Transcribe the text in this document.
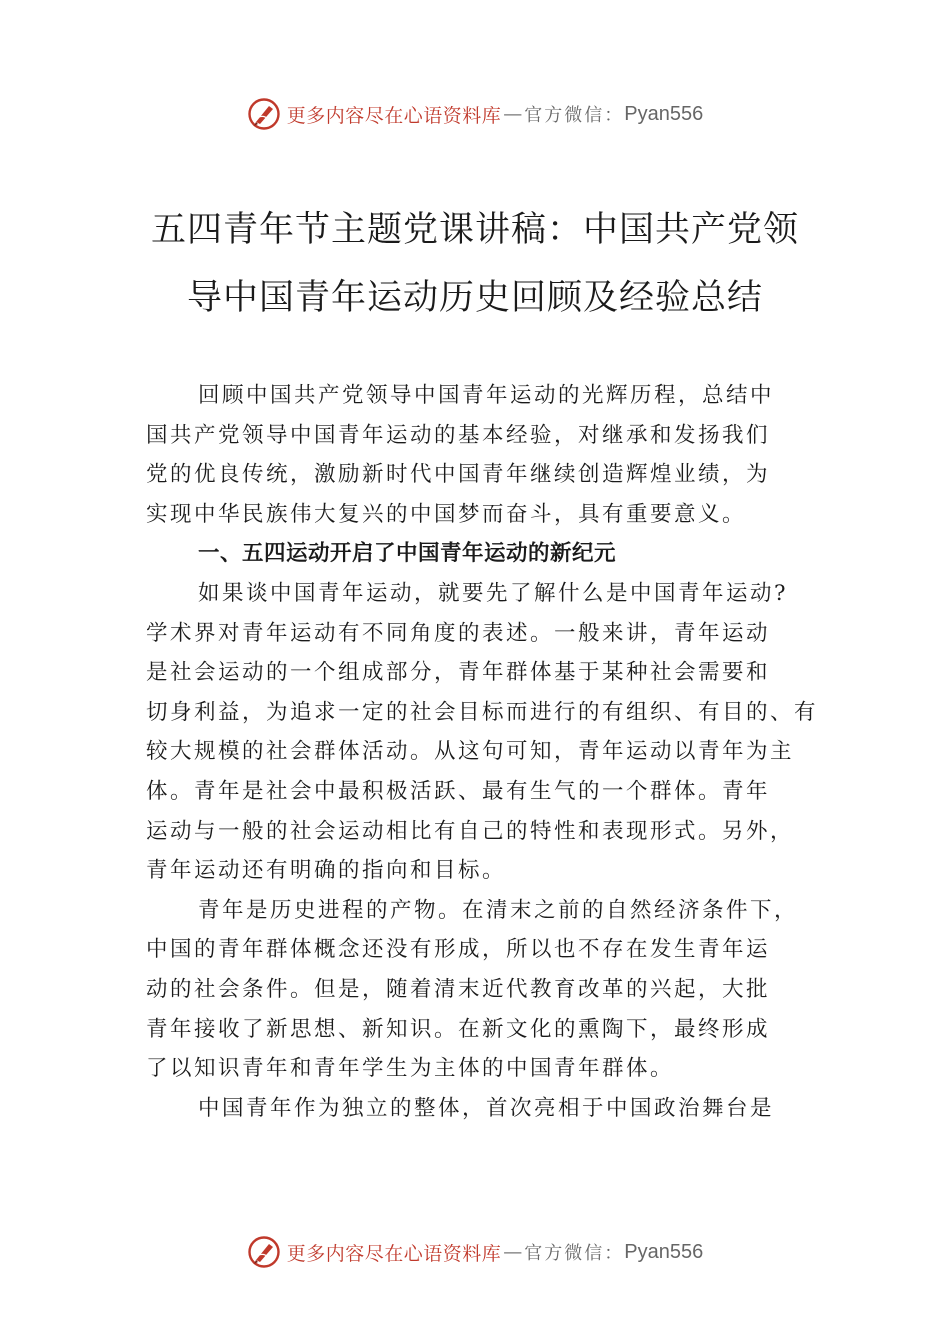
更多内容尽在心语资料库 — 官方微信： Pyan556
五四青年节主题党课讲稿：中国共产党领
导中国青年运动历史回顾及经验总结
回顾中国共产党领导中国青年运动的光辉历程，总结中
国共产党领导中国青年运动的基本经验，对继承和发扬我们
党的优良传统，激励新时代中国青年继续创造辉煌业绩，为
实现中华民族伟大复兴的中国梦而奋斗，具有重要意义。
一、五四运动开启了中国青年运动的新纪元
如果谈中国青年运动，就要先了解什么是中国青年运动?
学术界对青年运动有不同角度的表述。一般来讲，青年运动
是社会运动的一个组成部分，青年群体基于某种社会需要和
切身利益，为追求一定的社会目标而进行的有组织、有目的、有
较大规模的社会群体活动。从这句可知，青年运动以青年为主
体。青年是社会中最积极活跃、最有生气的一个群体。青年
运动与一般的社会运动相比有自己的特性和表现形式。另外，
青年运动还有明确的指向和目标。
青年是历史进程的产物。在清末之前的自然经济条件下，
中国的青年群体概念还没有形成，所以也不存在发生青年运
动的社会条件。但是，随着清末近代教育改革的兴起，大批
青年接收了新思想、新知识。在新文化的熏陶下，最终形成
了以知识青年和青年学生为主体的中国青年群体。
中国青年作为独立的整体，首次亮相于中国政治舞台是
更多内容尽在心语资料库 — 官方微信： Pyan556
